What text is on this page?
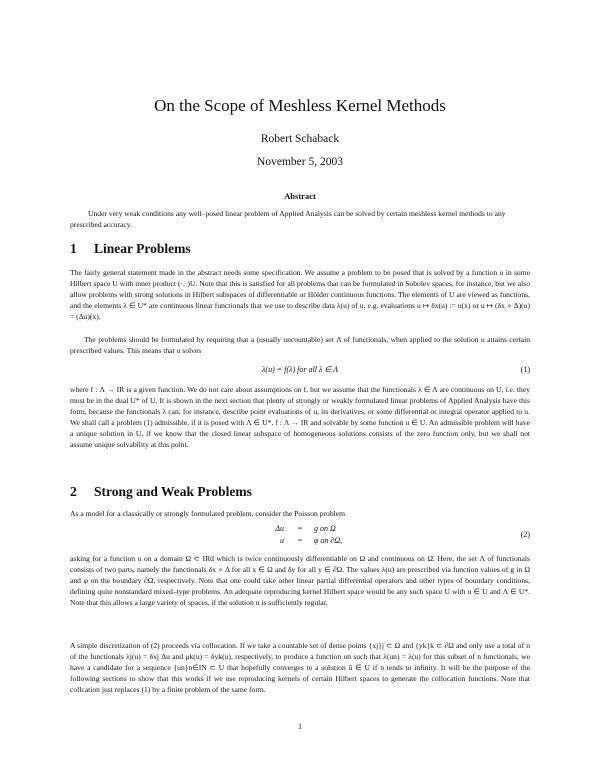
On the Scope of Meshless Kernel Methods
Robert Schaback
November 5, 2003
Abstract
Under very weak conditions any well–posed linear problem of Applied Analysis can be solved by certain meshless kernel methods to any prescribed accuracy.
1 Linear Problems
The fairly general statement made in the abstract needs some specification. We assume a problem to be posed that is solved by a function u in some Hilbert space U with inner product (·,·)U. Note that this is satisfied for all problems that can be formulated in Sobolev spaces, for instance, but we also allow problems with strong solutions in Hilbert subspaces of differentiable or Hölder continuous functions. The elements of U are viewed as functions, and the elements λ ∈ U* are continuous linear functionals that we use to describe data λ(u) of u, e.g. evaluations u ↦ δx(u) := u(x) or u ↦ (δx ∘ Δ)(u) = (Δu)(x).
The problems should be formulated by requiring that a (usually uncountable) set Λ of functionals, when applied to the solution u attains certain prescribed values. This means that u solves
λ(u) = f(λ) for all λ ∈ Λ	(1)
where f : Λ → IR is a given function. We do not care about assumptions on f, but we assume that the functionals λ ∈ Λ are continuous on U, i.e. they must be in the dual U* of U. It is shown in the next section that plenty of strongly or weakly formulated linear problems of Applied Analysis have this form, because the functionals λ can, for instance, describe point evaluations of u, its derivatives, or some differential or integral operator applied to u. We shall call a problem (1) admissible, if it is posed with Λ ∈ U*, f : Λ → IR and solvable by some function u ∈ U. An admissible problem will have a unique solution in U, if we know that the closed linear subspace of homogeneous solutions consists of the zero function only, but we shall not assume unique solvability at this point.
2 Strong and Weak Problems
As a model for a classically or strongly formulated problem, consider the Poisson problem
Δu	=	g on Ω
(2)
u	=	φ on ∂Ω,
asking for a function u on a domain Ω ⊂ IRd which is twice continuously differentiable on Ω and continuous on Ω̄. Here, the set Λ of functionals consists of two parts, namely the functionals δx ∘ Δ for all x ∈ Ω and δy for all y ∈ ∂Ω. The values λ(u) are prescribed via function values of g in Ω and φ on the boundary ∂Ω, respectively. Note that one could take other linear partial differential operators and other types of boundary conditions, defining quite nonstandard mixed–type problems. An adequate reproducing kernel Hilbert space would be any such space U with u ∈ U and Λ ∈ U*. Note that this allows a large variety of spaces, if the solution u is sufficiently regular.
A simple discretization of (2) proceeds via collocation. If we take a countable set of dense points {xj}j ⊂ Ω and {yk}k ⊂ ∂Ω and only use a total of n of the functionals λj(u) = δxj Δu and μk(u) = δyk(u), respectively, to produce a function un such that λ(un) = λ(u) for this subset of n functionals, we have a candidate for a sequence {un}n∈IN ⊂ U that hopefully converges to a solution ũ ∈ U if n tends to infinity. It will be the purpose of the following sections to show that this works if we use reproducing kernels of certain Hilbert spaces to generate the collocation functions. Note that collcation just replaces (1) by a finite problem of the same form.
1
